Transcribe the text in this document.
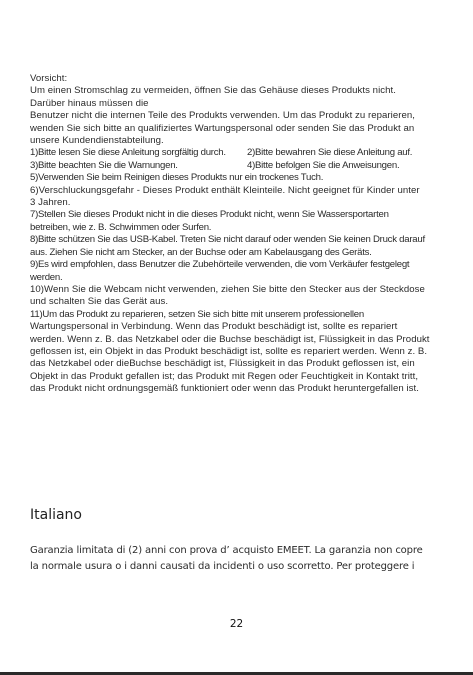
Vorsicht:

Um einen Stromschlag zu vermeiden, öffnen Sie das Gehäuse dieses Produkts nicht.

Darüber hinaus müssen die

Benutzer nicht die internen Teile des Produkts verwenden. Um das Produkt zu reparieren,

wenden Sie sich bitte an qualifiziertes Wartungspersonal oder senden Sie das Produkt an

unsere Kundendienstabteilung.

1)Bitte lesen Sie diese Anleitung sorgfältig durch.	2)Bitte bewahren Sie diese Anleitung auf.

3)Bitte beachten Sie die Warnungen.	4)Bitte befolgen Sie die Anweisungen.

5)Verwenden Sie beim Reinigen dieses Produkts nur ein trockenes Tuch.

6)Verschluckungsgefahr - Dieses Produkt enthält Kleinteile. Nicht geeignet für Kinder unter

3 Jahren.

7)Stellen Sie dieses Produkt nicht in die dieses Produkt nicht, wenn Sie Wassersportarten

betreiben, wie z. B. Schwimmen oder Surfen.

8)Bitte schützen Sie das USB-Kabel. Treten Sie nicht darauf oder wenden Sie keinen Druck darauf

aus. Ziehen Sie nicht am Stecker, an der Buchse oder am Kabelausgang des Geräts.

9)Es wird empfohlen, dass Benutzer die Zubehörteile verwenden, die vom Verkäufer festgelegt

werden.

10)Wenn Sie die Webcam nicht verwenden, ziehen Sie bitte den Stecker aus der Steckdose

und schalten Sie das Gerät aus.

11)Um das Produkt zu reparieren, setzen Sie sich bitte mit unserem professionellen

Wartungspersonal in Verbindung. Wenn das Produkt beschädigt ist, sollte es repariert

werden. Wenn z. B. das Netzkabel oder die Buchse beschädigt ist, Flüssigkeit in das Produkt

geflossen ist, ein Objekt in das Produkt beschädigt ist, sollte es repariert werden. Wenn z. B.

das Netzkabel oder dieBuchse beschädigt ist, Flüssigkeit in das Produkt geflossen ist, ein

Objekt in das Produkt gefallen ist; das Produkt mit Regen oder Feuchtigkeit in Kontakt tritt,

das Produkt nicht ordnungsgemäß funktioniert oder wenn das Produkt heruntergefallen ist.

Italiano

Garanzia limitata di (2) anni con prova d’ acquisto EMEET. La garanzia non copre

la normale usura o i danni causati da incidenti o uso scorretto. Per proteggere i

22
